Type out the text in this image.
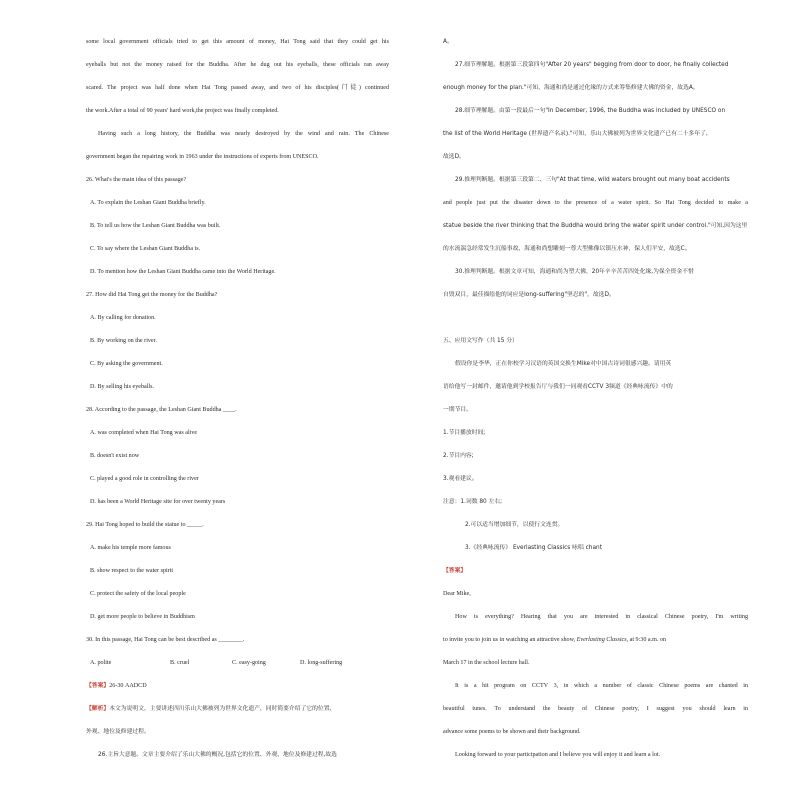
some local government officials tried to get this amount of money, Hai Tong said that they could get his
eyeballs but not the money raised for the Buddha. After he dug out his eyeballs, these officials ran away
scared. The project was half done when Hai Tong passed away, and two of his disciples(门徒) continued
the work.After a total of 90 years' hard work,the project was finally completed.
Having such a long history, the Buddha was nearly destroyed by the wind and rain. The Chinese
government began the repairing work in 1963 under the instructions of experts from UNESCO.
26. What's the main idea of this passage?
A. To explain the Leshan Giant Buddha briefly.
B. To tell us how the Leshan Giant Buddha was built.
C. To say where the Leshan Giant Buddha is.
D. To mention how the Leshan Giant Buddha came into the World Heritage.
27. How did Hai Tong get the money for the Buddha?
A. By calling for donation.
B. By working on the river.
C. By asking the government.
D. By selling his eyeballs.
28. According to the passage, the Leshan Giant Buddha ____.
A. was completed when Hai Tong was alive
B. doesn't exist now
C. played a good role in controlling the river
D. has been a World Heritage site for over twenty years
29. Hai Tong hoped to build the statue to _____.
A. make his temple more famous
B. show respect to the water spirit
C. protect the safety of the local people
D. get more people to believe in Buddhism
30. In this passage, Hai Tong can be best described as ________.
A. polite	B. cruel	C. easy-going	D. long-suffering
【答案】26-30 AADCD
【解析】本文为说明文，主要讲述四川乐山大佛被列为世界文化遗产，同时简要介绍了它的位置、
外观、地位及修建过程。
26.主旨大意题。文章主要介绍了乐山大佛的概况,包括它的位置、外观、地位及修建过程,故选
A。
27.细节理解题。根据第三段第四句"After 20 years" begging from door to door, he finally collected
enough money for the plan."可知，海通和尚是通过化缘的方式来筹集修建大佛的资金，故选A。
28.细节理解题。由第一段最后一句"In December, 1996, the Buddha was included by UNESCO on
the list of the World Heritage (世界遗产名录)."可知，乐山大佛被列为世界文化遗产已有二十多年了，
故选D。
29.推理判断题。根据第三段第二、三句"At that time, wild waters brought out many boat accidents
and people just put the disaster down to the presence of a water spirit. So Hai Tong decided to make a
statue beside the river thinking that the Buddha would bring the water spirit under control."可知,因为这里
的水流湍急经常发生沉船事故，海通和尚想雕刻一尊大型佛像以镇压水神，保人们平安，故选C。
30.推理判断题。根据文章可知，海通和尚为塑大佛，20年辛辛苦苦四处化缘,为保全资金不惜
自毁双目，最佳描绘他的词应是long-suffering"坚忍的"，故选D。
五、应用文写作（共 15 分）
假设你是李华，正在你校学习汉语的英国交换生Mike对中国古诗词很感兴趣。请用英
语给他写一封邮件，邀请他到学校报告厅与我们一同观看CCTV 3频道《经典咏流传》中的
一期节目。
1.节目播放时间;
2.节目内容;
3.观看建议。
注意：1.词数 80 左右;
2.可以适当增加细节，以使行文连贯。
3.《经典咏流传》 Everlasting Classics 咏唱 chant
【答案】
Dear Mike,
How is everything? Hearing that you are interested in classical Chinese poetry, I'm writing
to invite you to join us in watching an attractive show, Everlasting Classics, at 9:30 a.m. on
March 17 in the school lecture hall.
It is a hit program on CCTV 3, in which a number of classic Chinese poems are chanted in
beautiful tunes. To understand the beauty of Chinese poetry, I suggest you should learn in
advance some poems to be shown and their background.
Looking forward to your participation and I believe you will enjoy it and learn a lot.
